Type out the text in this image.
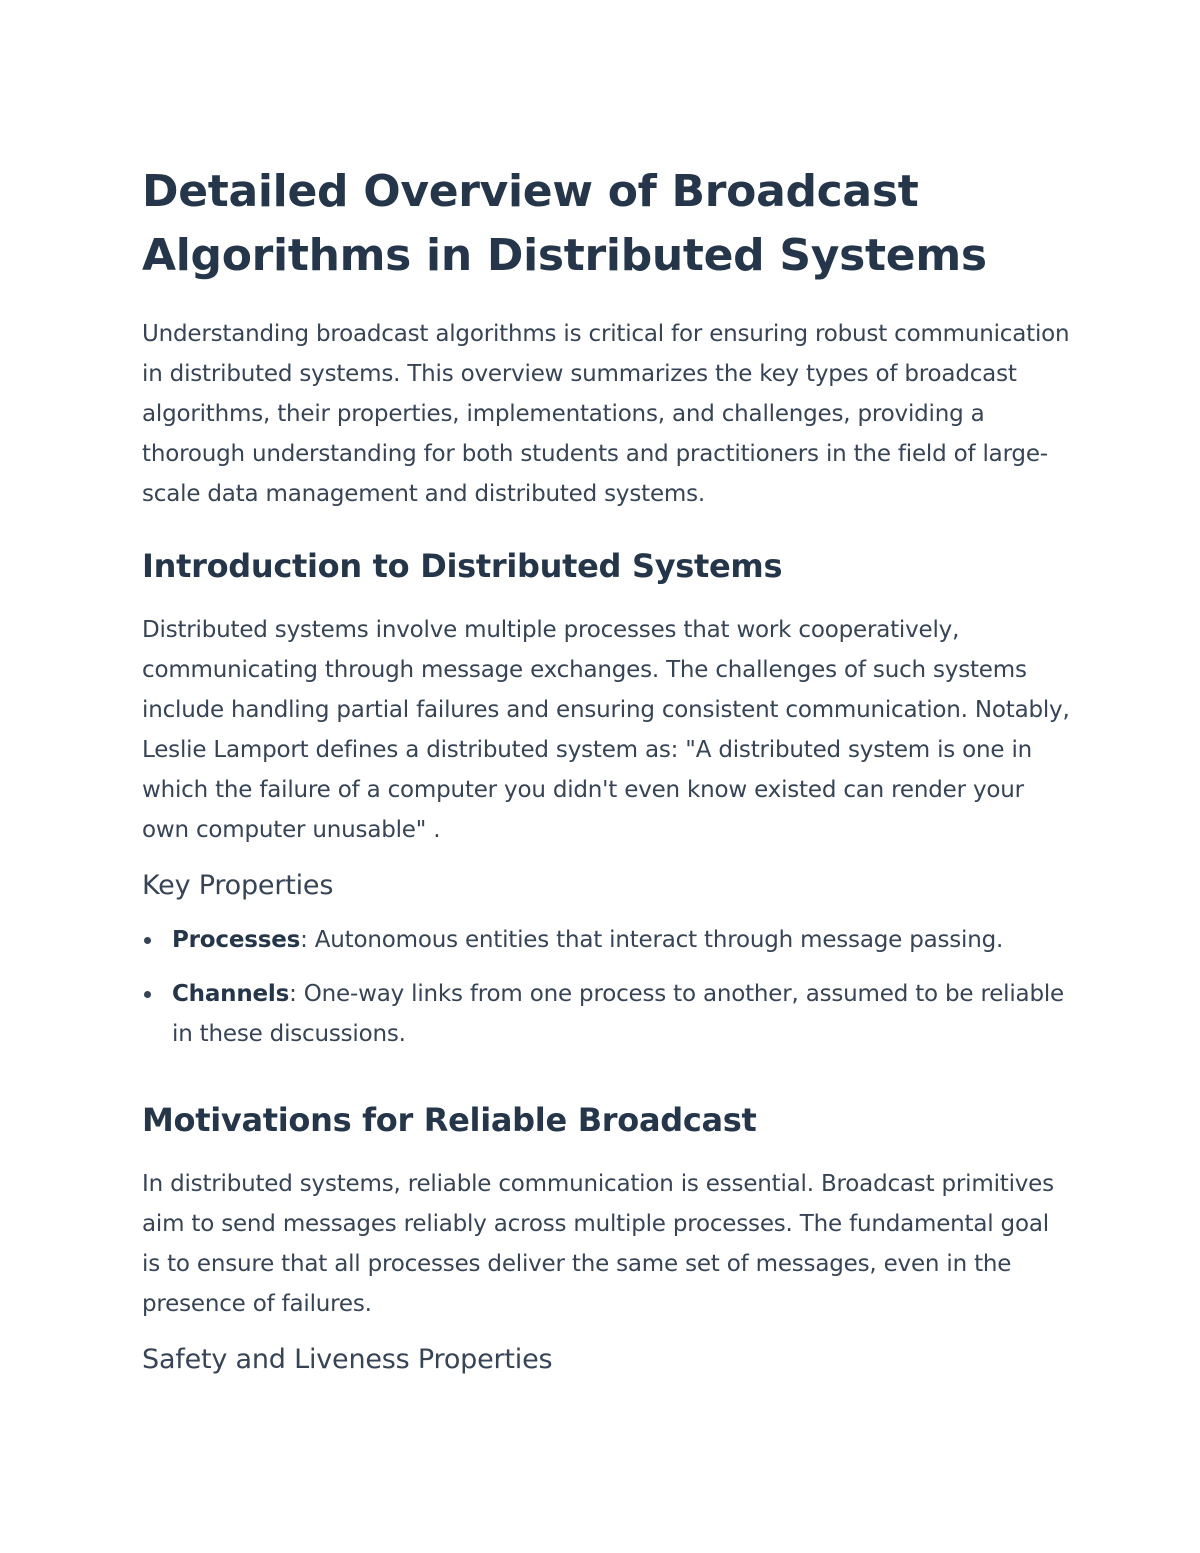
Detailed Overview of Broadcast Algorithms in Distributed Systems

Understanding broadcast algorithms is critical for ensuring robust communication in distributed systems. This overview summarizes the key types of broadcast algorithms, their properties, implementations, and challenges, providing a thorough understanding for both students and practitioners in the field of large-scale data management and distributed systems.

Introduction to Distributed Systems

Distributed systems involve multiple processes that work cooperatively, communicating through message exchanges. The challenges of such systems include handling partial failures and ensuring consistent communication. Notably, Leslie Lamport defines a distributed system as: "A distributed system is one in which the failure of a computer you didn't even know existed can render your own computer unusable" .

Key Properties
Processes: Autonomous entities that interact through message passing.
Channels: One-way links from one process to another, assumed to be reliable in these discussions.
Motivations for Reliable Broadcast

In distributed systems, reliable communication is essential. Broadcast primitives aim to send messages reliably across multiple processes. The fundamental goal is to ensure that all processes deliver the same set of messages, even in the presence of failures.

Safety and Liveness Properties
